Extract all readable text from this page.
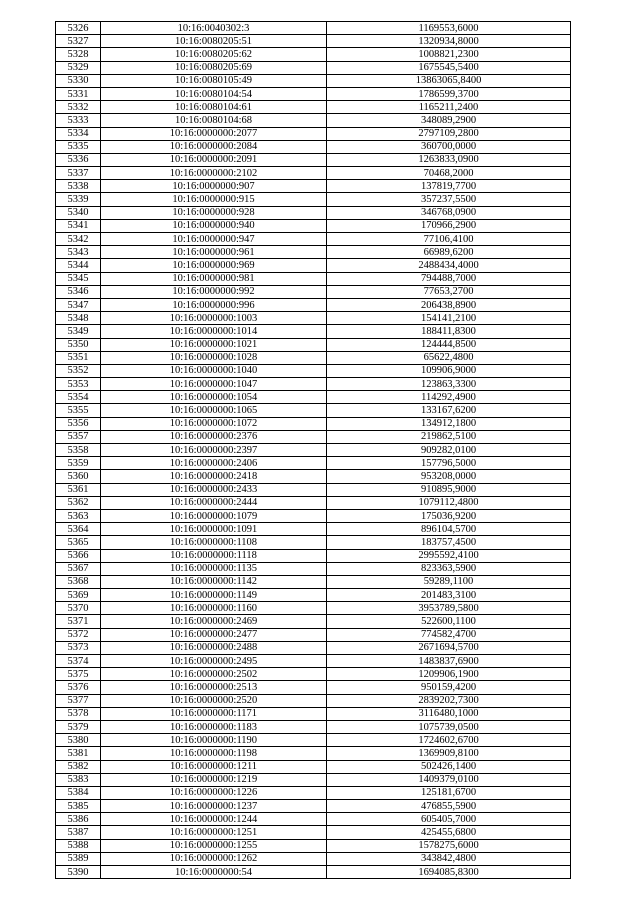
5326	10:16:0040302:3	1169553,6000
5327	10:16:0080205:51	1320934,8000
5328	10:16:0080205:62	1008821,2300
5329	10:16:0080205:69	1675545,5400
5330	10:16:0080105:49	13863065,8400
5331	10:16:0080104:54	1786599,3700
5332	10:16:0080104:61	1165211,2400
5333	10:16:0080104:68	348089,2900
5334	10:16:0000000:2077	2797109,2800
5335	10:16:0000000:2084	360700,0000
5336	10:16:0000000:2091	1263833,0900
5337	10:16:0000000:2102	70468,2000
5338	10:16:0000000:907	137819,7700
5339	10:16:0000000:915	357237,5500
5340	10:16:0000000:928	346768,0900
5341	10:16:0000000:940	170966,2900
5342	10:16:0000000:947	77106,4100
5343	10:16:0000000:961	66989,6200
5344	10:16:0000000:969	2488434,4000
5345	10:16:0000000:981	794488,7000
5346	10:16:0000000:992	77653,2700
5347	10:16:0000000:996	206438,8900
5348	10:16:0000000:1003	154141,2100
5349	10:16:0000000:1014	188411,8300
5350	10:16:0000000:1021	124444,8500
5351	10:16:0000000:1028	65622,4800
5352	10:16:0000000:1040	109906,9000
5353	10:16:0000000:1047	123863,3300
5354	10:16:0000000:1054	114292,4900
5355	10:16:0000000:1065	133167,6200
5356	10:16:0000000:1072	134912,1800
5357	10:16:0000000:2376	219862,5100
5358	10:16:0000000:2397	909282,0100
5359	10:16:0000000:2406	157796,5000
5360	10:16:0000000:2418	953208,0000
5361	10:16:0000000:2433	910895,9000
5362	10:16:0000000:2444	1079112,4800
5363	10:16:0000000:1079	175036,9200
5364	10:16:0000000:1091	896104,5700
5365	10:16:0000000:1108	183757,4500
5366	10:16:0000000:1118	2995592,4100
5367	10:16:0000000:1135	823363,5900
5368	10:16:0000000:1142	59289,1100
5369	10:16:0000000:1149	201483,3100
5370	10:16:0000000:1160	3953789,5800
5371	10:16:0000000:2469	522600,1100
5372	10:16:0000000:2477	774582,4700
5373	10:16:0000000:2488	2671694,5700
5374	10:16:0000000:2495	1483837,6900
5375	10:16:0000000:2502	1209906,1900
5376	10:16:0000000:2513	950159,4200
5377	10:16:0000000:2520	2839202,7300
5378	10:16:0000000:1171	3116480,1000
5379	10:16:0000000:1183	1075739,0500
5380	10:16:0000000:1190	1724602,6700
5381	10:16:0000000:1198	1369909,8100
5382	10:16:0000000:1211	502426,1400
5383	10:16:0000000:1219	1409379,0100
5384	10:16:0000000:1226	125181,6700
5385	10:16:0000000:1237	476855,5900
5386	10:16:0000000:1244	605405,7000
5387	10:16:0000000:1251	425455,6800
5388	10:16:0000000:1255	1578275,6000
5389	10:16:0000000:1262	343842,4800
5390	10:16:0000000:54	1694085,8300
